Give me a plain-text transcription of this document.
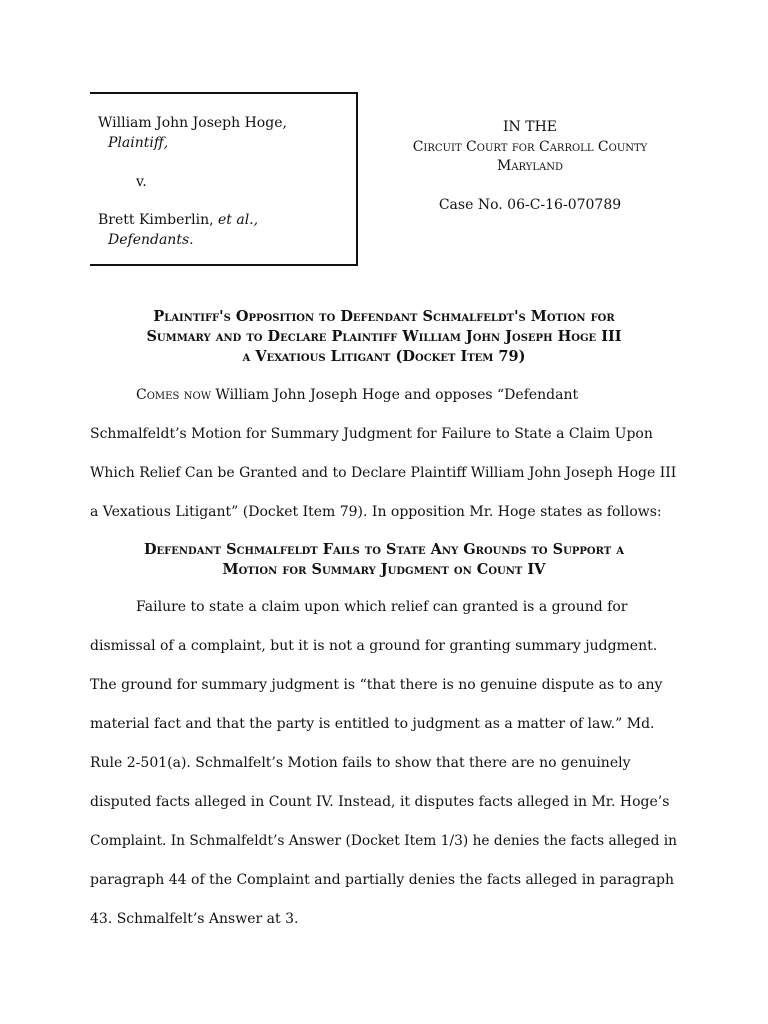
William John Joseph Hoge,
Plaintiff,
v.
Brett Kimberlin, et al.,
Defendants.
IN THE
Circuit Court for Carroll County
Maryland
Case No. 06-C-16-070789
Plaintiff's Opposition to Defendant Schmalfeldt's Motion for
Summary and to Declare Plaintiff William John Joseph Hoge III
a Vexatious Litigant (Docket Item 79)
Comes now William John Joseph Hoge and opposes “Defendant
Schmalfeldt’s Motion for Summary Judgment for Failure to State a Claim Upon
Which Relief Can be Granted and to Declare Plaintiff William John Joseph Hoge III
a Vexatious Litigant” (Docket Item 79). In opposition Mr. Hoge states as follows:
Defendant Schmalfeldt Fails to State Any Grounds to Support a
Motion for Summary Judgment on Count IV
Failure to state a claim upon which relief can granted is a ground for
dismissal of a complaint, but it is not a ground for granting summary judgment.
The ground for summary judgment is “that there is no genuine dispute as to any
material fact and that the party is entitled to judgment as a matter of law.” Md.
Rule 2-501(a). Schmalfelt’s Motion fails to show that there are no genuinely
disputed facts alleged in Count IV. Instead, it disputes facts alleged in Mr. Hoge’s
Complaint. In Schmalfeldt’s Answer (Docket Item 1/3) he denies the facts alleged in
paragraph 44 of the Complaint and partially denies the facts alleged in paragraph
43. Schmalfelt’s Answer at 3.
